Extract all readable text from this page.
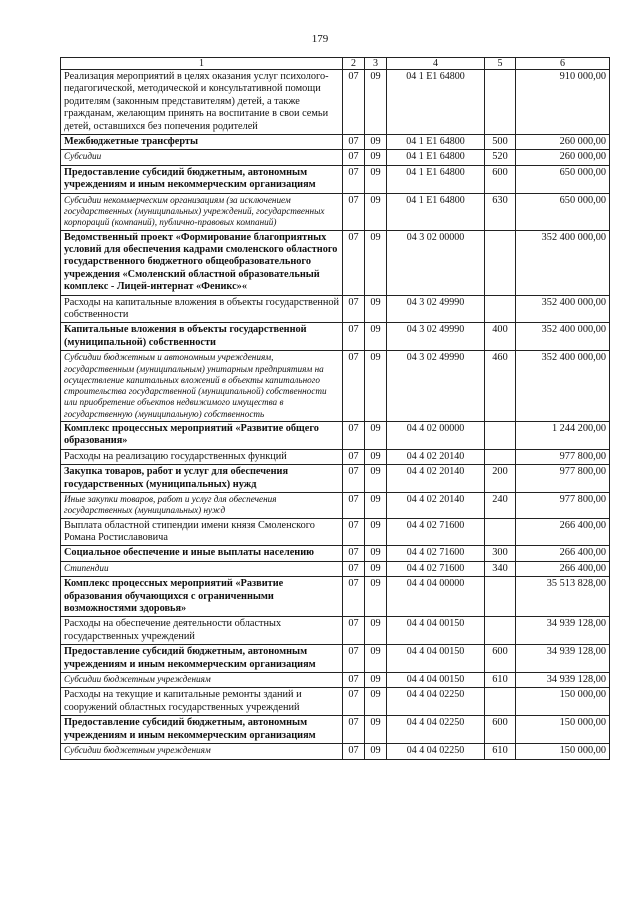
179
1	2	3	4	5	6
Реализация мероприятий в целях оказания услуг психолого-педагогической, методической и консультативной помощи родителям (законным представителям) детей, а также гражданам, желающим принять на воспитание в свои семьи детей, оставшихся без попечения родителей	07	09	04 1 E1 64800		910 000,00
Межбюджетные трансферты	07	09	04 1 E1 64800	500	260 000,00
Субсидии	07	09	04 1 E1 64800	520	260 000,00
Предоставление субсидий бюджетным, автономным учреждениям и иным некоммерческим организациям	07	09	04 1 E1 64800	600	650 000,00
Субсидии некоммерческим организациям (за исключением государственных (муниципальных) учреждений, государственных корпораций (компаний), публично-правовых компаний)	07	09	04 1 E1 64800	630	650 000,00
Ведомственный проект «Формирование благоприятных условий для обеспечения кадрами смоленского областного государственного бюджетного общеобразовательного учреждения «Смоленский областной образовательный комплекс - Лицей-интернат «Феникс»«	07	09	04 3 02 00000		352 400 000,00
Расходы на капитальные вложения в объекты государственной собственности	07	09	04 3 02 49990		352 400 000,00
Капитальные вложения в объекты государственной (муниципальной) собственности	07	09	04 3 02 49990	400	352 400 000,00
Субсидии бюджетным и автономным учреждениям, государственным (муниципальным) унитарным предприятиям на осуществление капитальных вложений в объекты капитального строительства государственной (муниципальной) собственности или приобретение объектов недвижимого имущества в государственную (муниципальную) собственность	07	09	04 3 02 49990	460	352 400 000,00
Комплекс процессных мероприятий «Развитие общего образования»	07	09	04 4 02 00000		1 244 200,00
Расходы на реализацию государственных функций	07	09	04 4 02 20140		977 800,00
Закупка товаров, работ и услуг для обеспечения государственных (муниципальных) нужд	07	09	04 4 02 20140	200	977 800,00
Иные закупки товаров, работ и услуг для обеспечения государственных (муниципальных) нужд	07	09	04 4 02 20140	240	977 800,00
Выплата областной стипендии имени князя Смоленского Романа Ростиславовича	07	09	04 4 02 71600		266 400,00
Социальное обеспечение и иные выплаты населению	07	09	04 4 02 71600	300	266 400,00
Стипендии	07	09	04 4 02 71600	340	266 400,00
Комплекс процессных мероприятий «Развитие образования обучающихся с ограниченными возможностями здоровья»	07	09	04 4 04 00000		35 513 828,00
Расходы на обеспечение деятельности областных государственных учреждений	07	09	04 4 04 00150		34 939 128,00
Предоставление субсидий бюджетным, автономным учреждениям и иным некоммерческим организациям	07	09	04 4 04 00150	600	34 939 128,00
Субсидии бюджетным учреждениям	07	09	04 4 04 00150	610	34 939 128,00
Расходы на текущие и капитальные ремонты зданий и сооружений областных государственных учреждений	07	09	04 4 04 02250		150 000,00
Предоставление субсидий бюджетным, автономным учреждениям и иным некоммерческим организациям	07	09	04 4 04 02250	600	150 000,00
Субсидии бюджетным учреждениям	07	09	04 4 04 02250	610	150 000,00
